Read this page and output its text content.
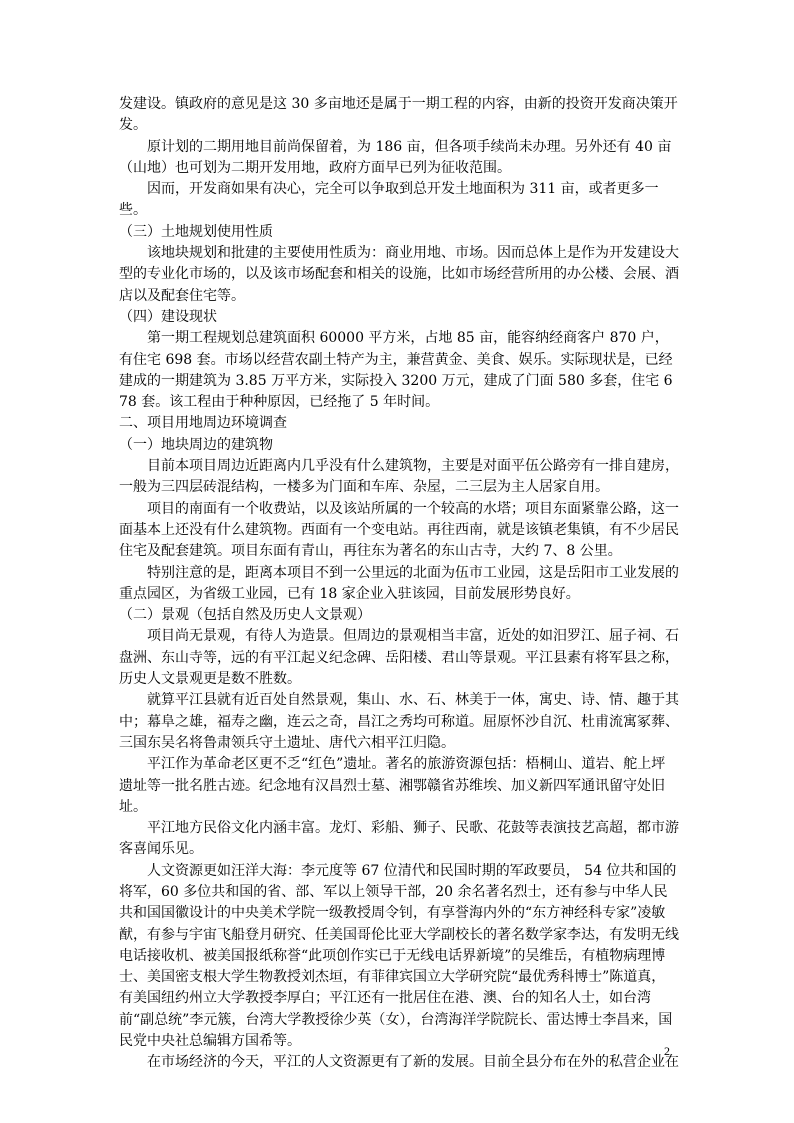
发建设。镇政府的意见是这 30 多亩地还是属于一期工程的内容，由新的投资开发商决策开发。

原计划的二期用地目前尚保留着，为 186 亩，但各项手续尚未办理。另外还有 40 亩（山地）也可划为二期开发用地，政府方面早已列为征收范围。

因而，开发商如果有决心，完全可以争取到总开发土地面积为 311 亩，或者更多一些。

（三）土地规划使用性质

该地块规划和批建的主要使用性质为：商业用地、市场。因而总体上是作为开发建设大型的专业化市场的，以及该市场配套和相关的设施，比如市场经营所用的办公楼、会展、酒店以及配套住宅等。

（四）建设现状

第一期工程规划总建筑面积 60000 平方米，占地 85 亩，能容纳经商客户 870 户，有住宅 698 套。市场以经营农副土特产为主，兼营黄金、美食、娱乐。实际现状是，已经建成的一期建筑为 3.85 万平方米，实际投入 3200 万元，建成了门面 580 多套，住宅 678 套。该工程由于种种原因，已经拖了 5 年时间。

二、项目用地周边环境调查

（一）地块周边的建筑物

目前本项目周边近距离内几乎没有什么建筑物，主要是对面平伍公路旁有一排自建房，一般为三四层砖混结构，一楼多为门面和车库、杂屋，二三层为主人居家自用。

项目的南面有一个收费站，以及该站所属的一个较高的水塔；项目东面紧靠公路，这一面基本上还没有什么建筑物。西面有一个变电站。再往西南，就是该镇老集镇，有不少居民住宅及配套建筑。项目东面有青山，再往东为著名的东山古寺，大约 7、8 公里。

特别注意的是，距离本项目不到一公里远的北面为伍市工业园，这是岳阳市工业发展的重点园区，为省级工业园，已有 18 家企业入驻该园，目前发展形势良好。

（二）景观（包括自然及历史人文景观）

项目尚无景观，有待人为造景。但周边的景观相当丰富，近处的如汨罗江、屈子祠、石盘洲、东山寺等，远的有平江起义纪念碑、岳阳楼、君山等景观。平江县素有将军县之称，历史人文景观更是数不胜数。

就算平江县就有近百处自然景观，集山、水、石、林美于一体，寓史、诗、情、趣于其中；幕阜之雄，福寿之幽，连云之奇，昌江之秀均可称道。屈原怀沙自沉、杜甫流寓冢葬、三国东吴名将鲁肃领兵守土遗址、唐代六相平江归隐。

平江作为革命老区更不乏“红色”遗址。著名的旅游资源包括：梧桐山、道岩、舵上坪遗址等一批名胜古迹。纪念地有汉昌烈士墓、湘鄂赣省苏维埃、加义新四军通讯留守处旧址。

平江地方民俗文化内涵丰富。龙灯、彩船、狮子、民歌、花鼓等表演技艺高超，都市游客喜闻乐见。

人文资源更如汪洋大海：李元度等 67 位清代和民国时期的军政要员， 54 位共和国的将军，60 多位共和国的省、部、军以上领导干部，20 余名著名烈士，还有参与中华人民共和国国徽设计的中央美术学院一级教授周令钊，有享誉海内外的“东方神经科专家”凌敏猷，有参与宇宙飞船登月研究、任美国哥伦比亚大学副校长的著名数学家李达，有发明无线电话接收机、被美国报纸称誉“此项创作实已于无线电话界新境”的吴维岳，有植物病理博士、美国密支根大学生物教授刘杰垣，有菲律宾国立大学研究院“最优秀科博士”陈道真，有美国纽约州立大学教授李厚白；平江还有一批居住在港、澳、台的知名人士，如台湾前“副总统”李元簇，台湾大学教授徐少英（女），台湾海洋学院院长、雷达博士李昌来，国民党中央社总编辑方国希等。

在市场经济的今天，平江的人文资源更有了新的发展。目前全县分布在外的私营企业在

2
